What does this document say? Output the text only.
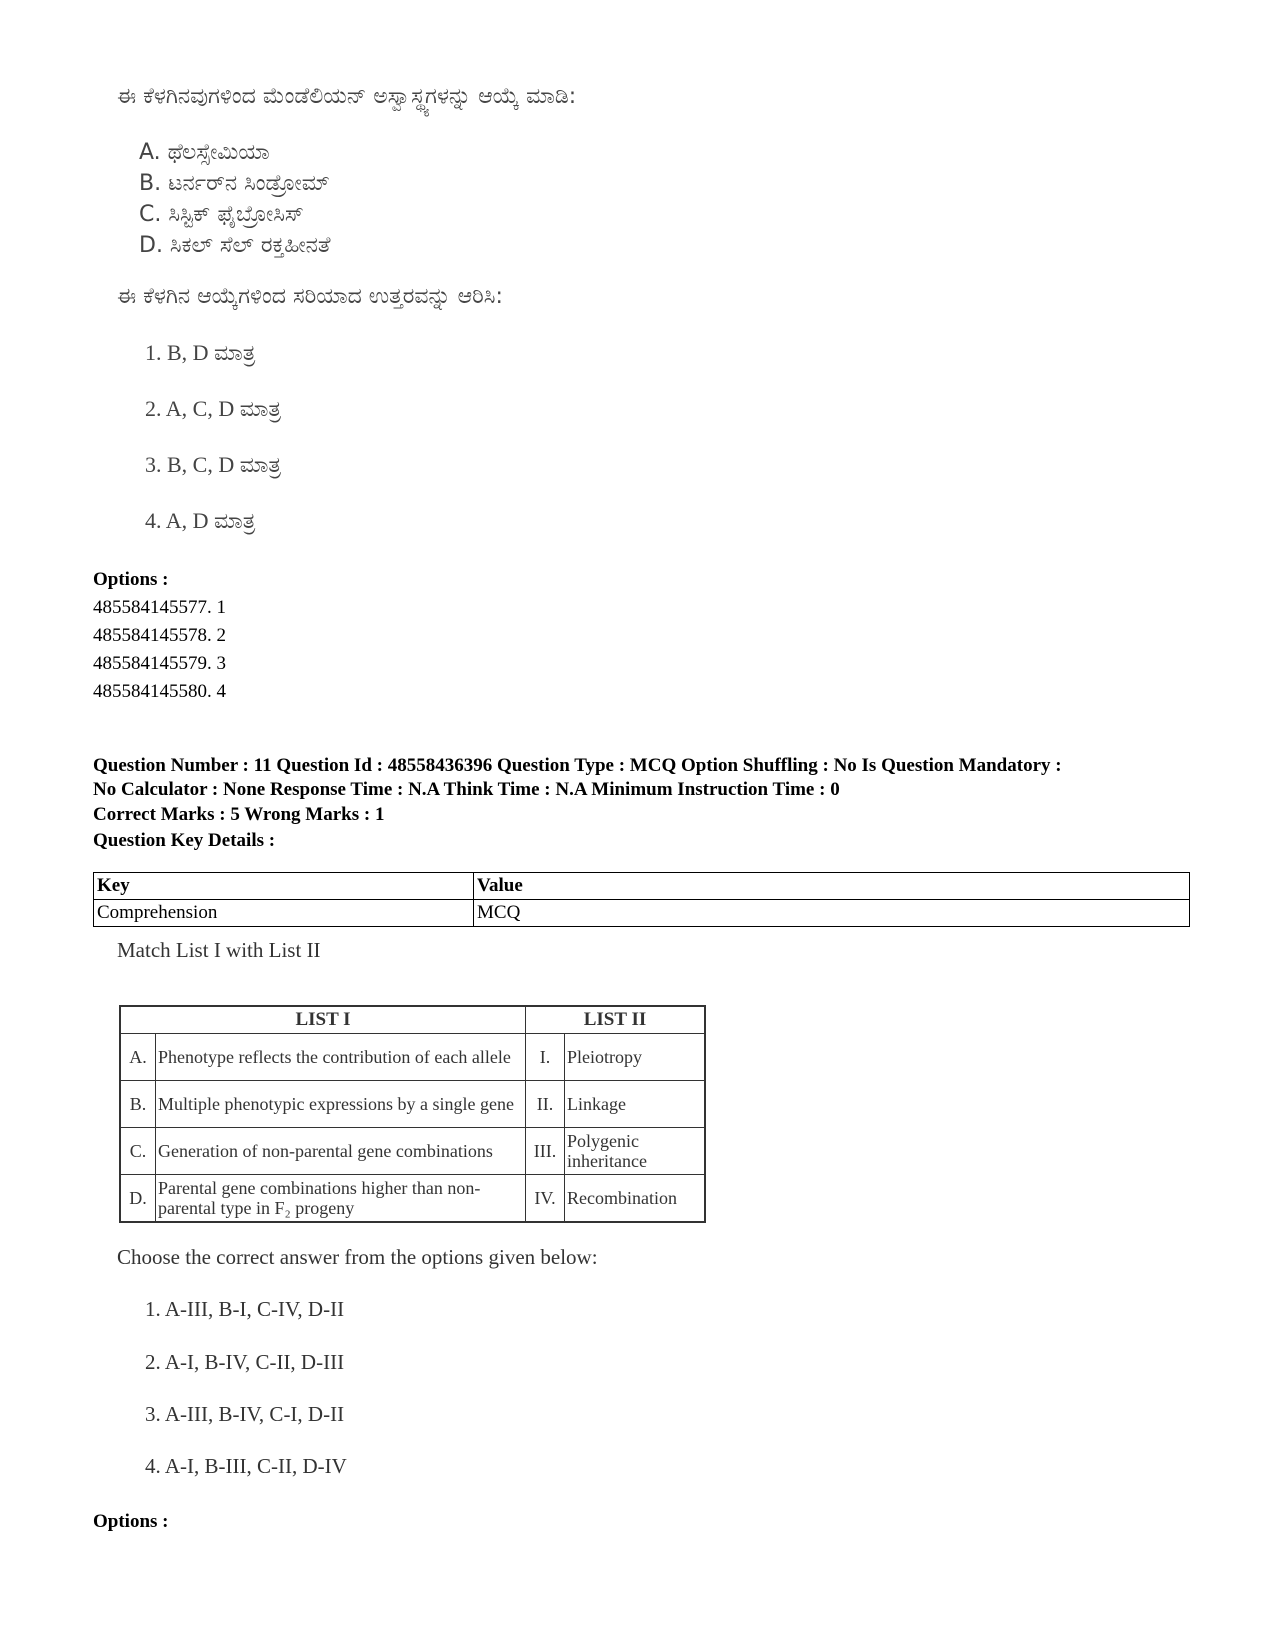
ಈ ಕೆಳಗಿನವುಗಳಿಂದ ಮೆಂಡೆಲಿಯನ್ ಅಸ್ವಾಸ್ಥ್ಯಗಳನ್ನು ಆಯ್ಕೆ ಮಾಡಿ:
A. ಥೆಲಸ್ಸೇಮಿಯಾ
B. ಟರ್ನರ್‌ನ ಸಿಂಡ್ರೋಮ್
C. ಸಿಸ್ಟಿಕ್ ಫೈಬ್ರೋಸಿಸ್
D. ಸಿಕಲ್ ಸೆಲ್ ರಕ್ತಹೀನತೆ
ಈ ಕೆಳಗಿನ ಆಯ್ಕೆಗಳಿಂದ ಸರಿಯಾದ ಉತ್ತರವನ್ನು ಆರಿಸಿ:
1. B, D ಮಾತ್ರ
2. A, C, D ಮಾತ್ರ
3. B, C, D ಮಾತ್ರ
4. A, D ಮಾತ್ರ
Options :
485584145577. 1
485584145578. 2
485584145579. 3
485584145580. 4
Question Number : 11 Question Id : 48558436396 Question Type : MCQ Option Shuffling : No Is Question Mandatory :
No Calculator : None Response Time : N.A Think Time : N.A Minimum Instruction Time : 0
Correct Marks : 5 Wrong Marks : 1
Question Key Details :
Key	Value
Comprehension	MCQ
Match List I with List II
LIST I		LIST II	
A.	Phenotype reflects the contribution of each allele	I.	Pleiotropy
B.	Multiple phenotypic expressions by a single gene	II.	Linkage
C.	Generation of non-parental gene combinations	III.	Polygenic inheritance
D.	Parental gene combinations higher than non-parental type in F₂ progeny	IV.	Recombination
Choose the correct answer from the options given below:
1. A-III, B-I, C-IV, D-II
2. A-I, B-IV, C-II, D-III
3. A-III, B-IV, C-I, D-II
4. A-I, B-III, C-II, D-IV
Options :
